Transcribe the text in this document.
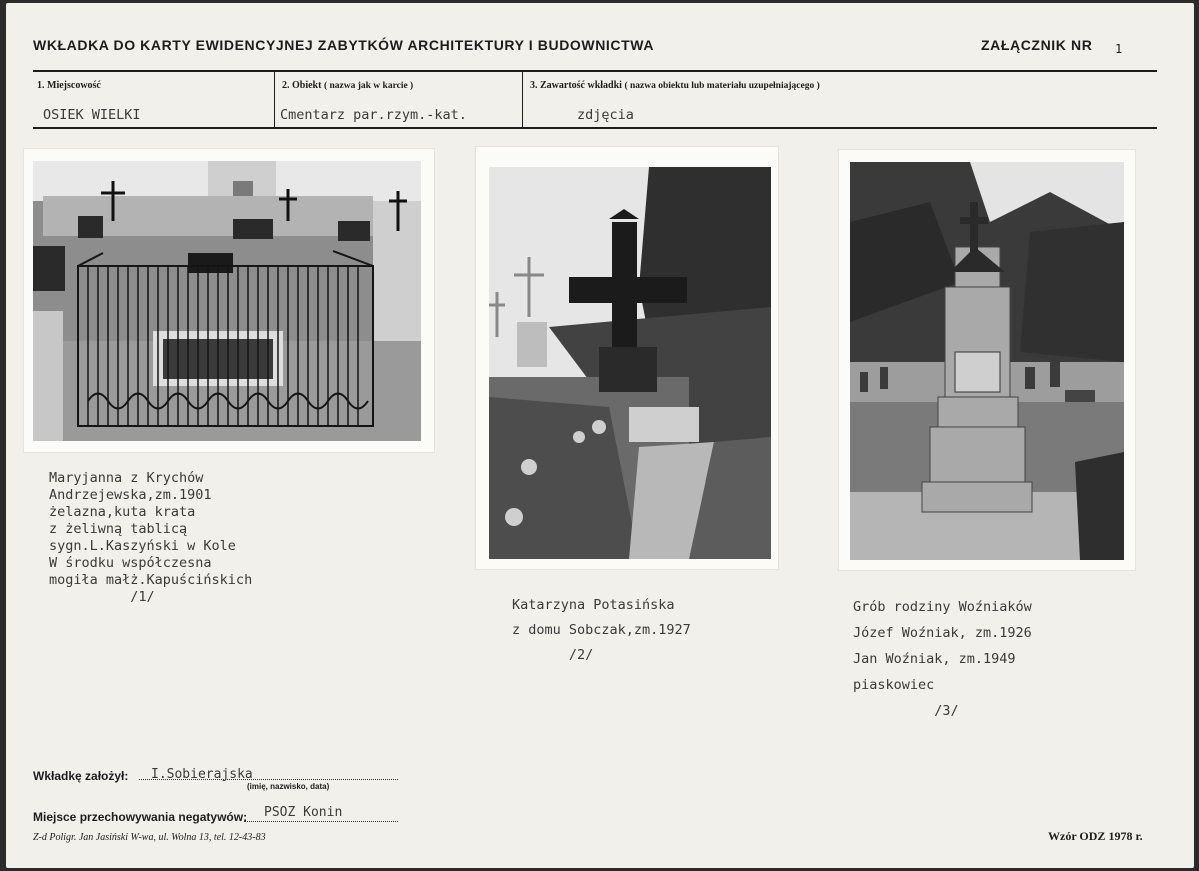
WKŁADKA DO KARTY EWIDENCYJNEJ ZABYTKÓW ARCHITEKTURY I BUDOWNICTWA	ZAŁĄCZNIK NR 1
1. Miejscowość
OSIEK WIELKI
2. Obiekt ( nazwa jak w karcie )
Cmentarz par.rzym.-kat.
3. Zawartość wkładki ( nazwa obiektu lub materiału uzupełniającego )
zdjęcia
Maryjanna z Krychów
Andrzejewska,zm.1901
żelazna,kuta krata
z żeliwną tablicą
sygn.L.Kaszyński w Kole
W środku współczesna
mogiła małż.Kapuścińskich
/1/	Katarzyna Potasińska
z domu Sobczak,zm.1927
/2/
Grób rodziny Woźniaków
Józef Woźniak, zm.1926
Jan Woźniak, zm.1949
piaskowiec
/3/
Wkładkę założył: I.Sobierajska
(imię, nazwisko, data)
Miejsce przechowywania negatywów: PSOZ Konin
Z-d Poligr. Jan Jasiński W-wa, ul. Wolna 13, tel. 12-43-83	Wzór ODZ 1978 r.
